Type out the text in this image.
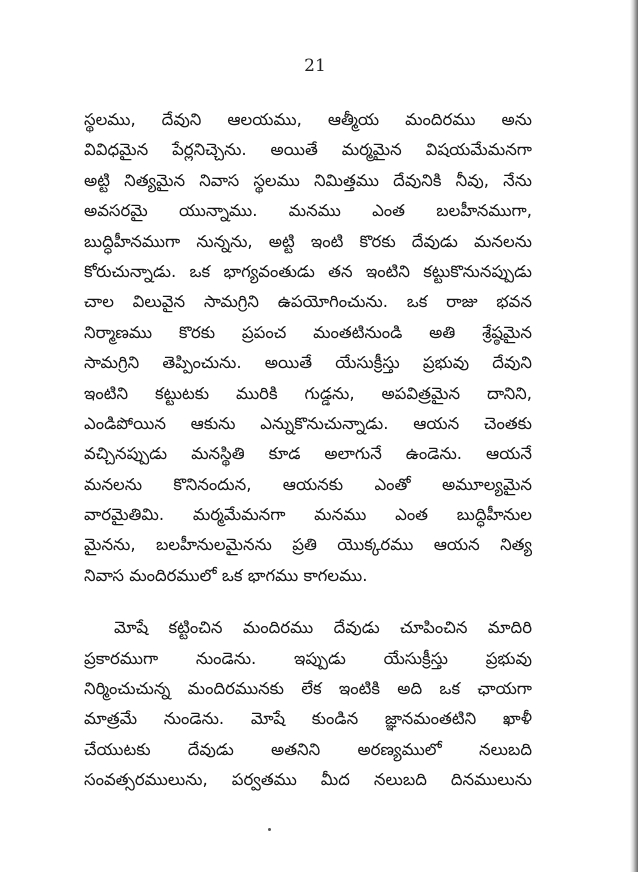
21
స్థలము, దేవుని ఆలయము, ఆత్మీయ మందిరము అను
వివిధమైన పేర్లనిచ్చెను. అయితే మర్మమైన విషయమేమనగా
అట్టి నిత్యమైన నివాస స్థలము నిమిత్తము దేవునికి నీవు, నేను
అవసరమై యున్నాము. మనము ఎంత బలహీనముగా,
బుద్ధిహీనముగా నున్నను, అట్టి ఇంటి కొరకు దేవుడు మనలను
కోరుచున్నాడు. ఒక భాగ్యవంతుడు తన ఇంటిని కట్టుకొనునప్పుడు
చాల విలువైన సామగ్రిని ఉపయోగించును. ఒక రాజు భవన
నిర్మాణము కొరకు ప్రపంచ మంతటినుండి అతి శ్రేష్ఠమైన
సామగ్రిని తెప్పించును. అయితే యేసుక్రీస్తు ప్రభువు దేవుని
ఇంటిని కట్టుటకు మురికి గుడ్డను, అపవిత్రమైన దానిని,
ఎండిపోయిన ఆకును ఎన్నుకొనుచున్నాడు. ఆయన చెంతకు
వచ్చినప్పుడు మనస్థితి కూడ అలాగునే ఉండెను. ఆయనే
మనలను కొనినందున, ఆయనకు ఎంతో అమూల్యమైన
వారమైతిమి. మర్మమేమనగా మనము ఎంత బుద్ధిహీనుల
మైనను, బలహీనులమైనను ప్రతి యొక్కరము ఆయన నిత్య
నివాస మందిరములో ఒక భాగము కాగలము.
మోషే కట్టించిన మందిరము దేవుడు చూపించిన మాదిరి
ప్రకారముగా నుండెను. ఇప్పుడు యేసుక్రీస్తు ప్రభువు
నిర్మించుచున్న మందిరమునకు లేక ఇంటికి అది ఒక ఛాయగా
మాత్రమే నుండెను. మోషే కుండిన జ్ఞానమంతటిని ఖాళీ
చేయుటకు దేవుడు అతనిని అరణ్యములో నలుబది
సంవత్సరములును, పర్వతము మీద నలుబది దినములును
